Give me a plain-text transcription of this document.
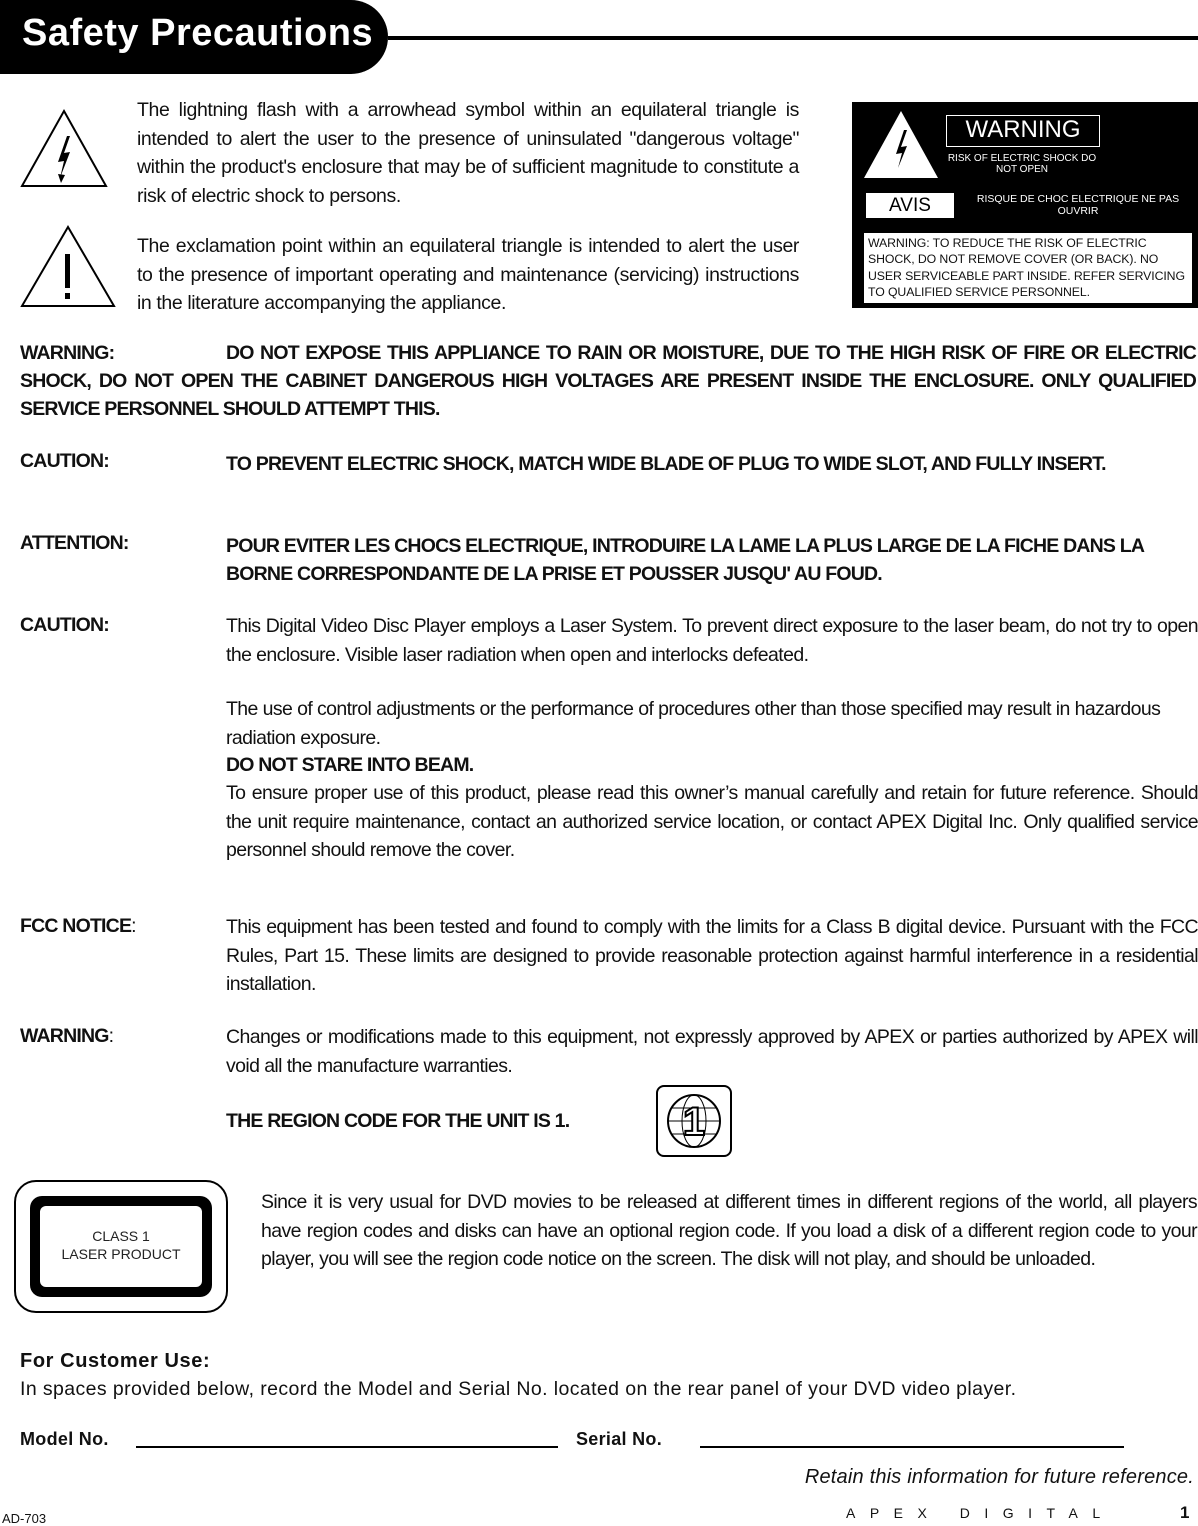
Safety Precautions
The lightning flash with a arrowhead symbol within an equilateral triangle is intended to alert the user to the presence of uninsulated "dangerous voltage" within the product's enclosure that may be of sufficient magnitude to constitute a risk of electric shock to persons.
The exclamation point within an equilateral triangle is intended to alert the user to the presence of important operating and maintenance (servicing) instructions in the literature accompanying the appliance.
WARNING
RISK OF ELECTRIC SHOCK DO NOT OPEN
AVIS	RISQUE DE CHOC ELECTRIQUE NE PAS OUVRIR
WARNING: TO REDUCE THE RISK OF ELECTRIC SHOCK, DO NOT REMOVE COVER (OR BACK). NO USER SERVICEABLE PART INSIDE. REFER SERVICING TO QUALIFIED SERVICE PERSONNEL.
WARNING:	DO NOT EXPOSE THIS APPLIANCE TO RAIN OR MOISTURE, DUE TO THE HIGH RISK OF FIRE OR ELECTRIC SHOCK, DO NOT OPEN THE CABINET DANGEROUS HIGH VOLTAGES ARE PRESENT INSIDE THE ENCLOSURE. ONLY QUALIFIED SERVICE PERSONNEL SHOULD ATTEMPT THIS.
CAUTION:	TO PREVENT ELECTRIC SHOCK, MATCH WIDE BLADE OF PLUG TO WIDE SLOT, AND FULLY INSERT.
ATTENTION:	POUR EVITER LES CHOCS ELECTRIQUE, INTRODUIRE LA LAME LA PLUS LARGE DE LA FICHE DANS LA BORNE CORRESPONDANTE DE LA PRISE ET POUSSER JUSQU' AU FOUD.
CAUTION:	This Digital Video Disc Player employs a Laser System. To prevent direct exposure to the laser beam, do not try to open the enclosure. Visible laser radiation when open and interlocks defeated.
The use of control adjustments or the performance of procedures other than those specified may result in hazardous radiation exposure.
DO NOT STARE INTO BEAM.
To ensure proper use of this product, please read this owner’s manual carefully and retain for future reference. Should the unit require maintenance, contact an authorized service location, or contact APEX Digital Inc. Only qualified service personnel should remove the cover.
FCC NOTICE:	This equipment has been tested and found to comply with the limits for a Class B digital device. Pursuant with the FCC Rules, Part 15. These limits are designed to provide reasonable protection against harmful interference in a residential installation.
WARNING:	Changes or modifications made to this equipment, not expressly approved by APEX or parties authorized by APEX will void all the manufacture warranties.
THE REGION CODE FOR THE UNIT IS 1.	1
CLASS 1
LASER PRODUCT
Since it is very usual for DVD movies to be released at different times in different regions of the world, all players have region codes and disks can have an optional region code. If you load a disk of a different region code to your player, you will see the region code notice on the screen. The disk will not play, and should be unloaded.
For Customer Use:
In spaces provided below, record the Model and Serial No. located on the rear panel of your DVD video player.
Model No.	Serial No.
Retain this information for future reference.
AD-703	APEX DIGITAL	1
